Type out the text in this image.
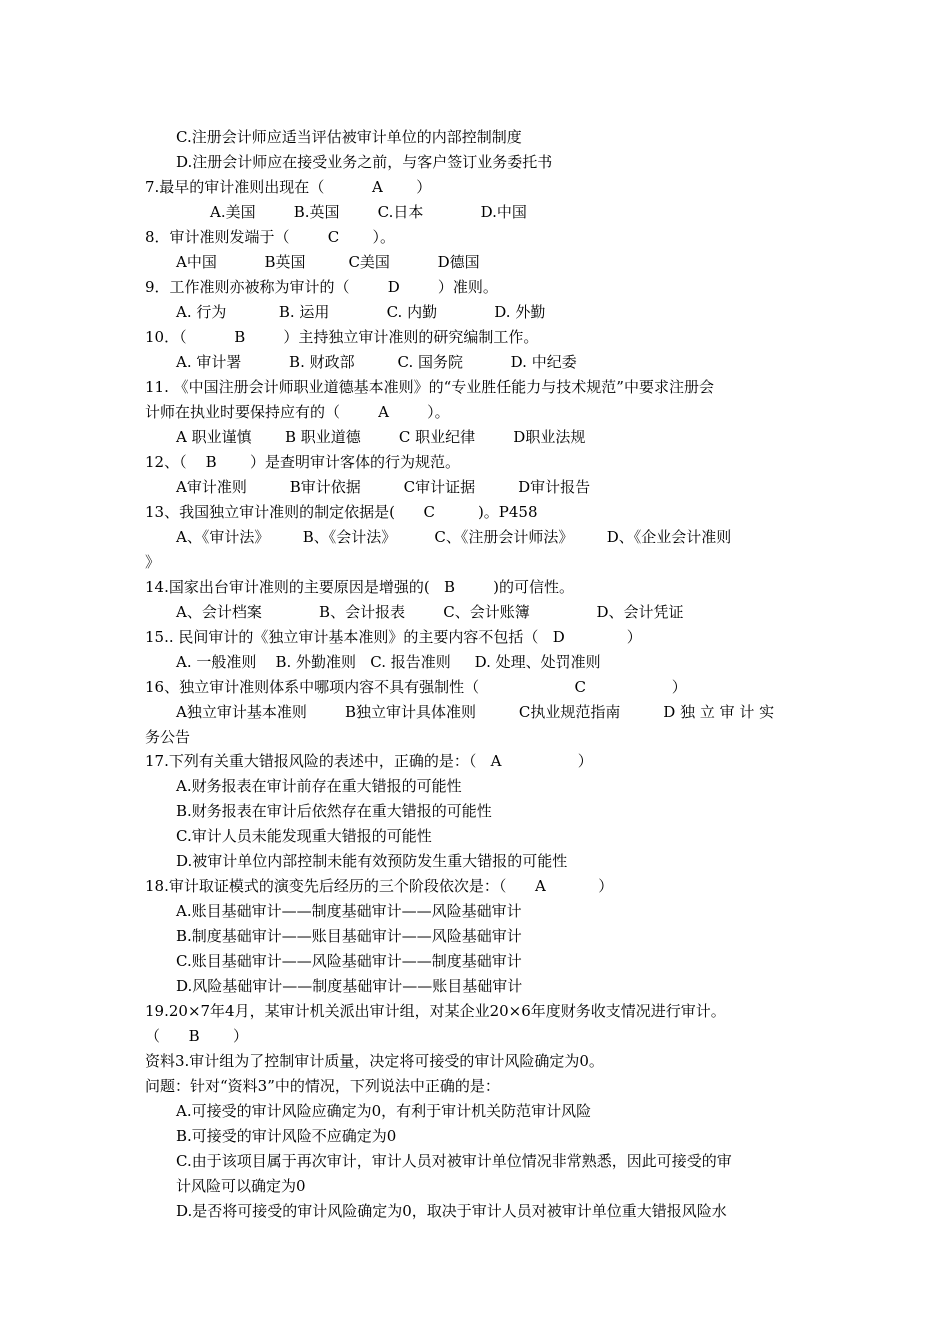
C.注册会计师应适当评估被审计单位的内部控制制度
D.注册会计师应在接受业务之前，与客户签订业务委托书
7.最早的审计准则出现在（          A       ）
A.美国        B.英国        C.日本            D.中国
8．审计准则发端于（        C       ）。
A中国          B英国         C美国          D德国
9．工作准则亦被称为审计的（        D        ）准则。
A. 行为           B. 运用            C. 内勤            D. 外勤
10．（          B        ）主持独立审计准则的研究编制工作。
A. 审计署          B. 财政部         C. 国务院          D. 中纪委
11. 《中国注册会计师职业道德基本准则》的“专业胜任能力与技术规范”中要求注册会
计师在执业时要保持应有的（        A        ）。
A 职业谨慎       B 职业道德        C 职业纪律        D职业法规
12、（    B       ）是查明审计客体的行为规范。
A审计准则         B审计依据         C审计证据         D审计报告
13、我国独立审计准则的制定依据是(      C         )。P458
A、《审计法》       B、《会计法》        C、《注册会计师法》       D、《企业会计准则
》
14.国家出台审计准则的主要原因是增强的(   B        )的可信性。
A、会计档案            B、会计报表        C、会计账簿              D、会计凭证
15.. 民间审计的《独立审计基本准则》的主要内容不包括（   D             ）
A. 一般准则    B. 外勤准则   C. 报告准则     D. 处理、处罚准则
16、独立审计准则体系中哪项内容不具有强制性（                    C                  ）
A独立审计基本准则        B独立审计具体准则         C执业规范指南         D 独 立 审 计 实
务公告
17.下列有关重大错报风险的表述中，正确的是：（   A                ）
A.财务报表在审计前存在重大错报的可能性
B.财务报表在审计后依然存在重大错报的可能性
C.审计人员未能发现重大错报的可能性
D.被审计单位内部控制未能有效预防发生重大错报的可能性
18.审计取证模式的演变先后经历的三个阶段依次是：（      A           ）
A.账目基础审计——制度基础审计——风险基础审计
B.制度基础审计——账目基础审计——风险基础审计
C.账目基础审计——风险基础审计——制度基础审计
D.风险基础审计——制度基础审计——账目基础审计
19.20×7年4月，某审计机关派出审计组，对某企业20×6年度财务收支情况进行审计。
（      B       ）
资料3.审计组为了控制审计质量，决定将可接受的审计风险确定为0。
问题：针对“资料3”中的情况，下列说法中正确的是：
A.可接受的审计风险应确定为0，有利于审计机关防范审计风险
B.可接受的审计风险不应确定为0
C.由于该项目属于再次审计，审计人员对被审计单位情况非常熟悉，因此可接受的审
计风险可以确定为0
D.是否将可接受的审计风险确定为0，取决于审计人员对被审计单位重大错报风险水
